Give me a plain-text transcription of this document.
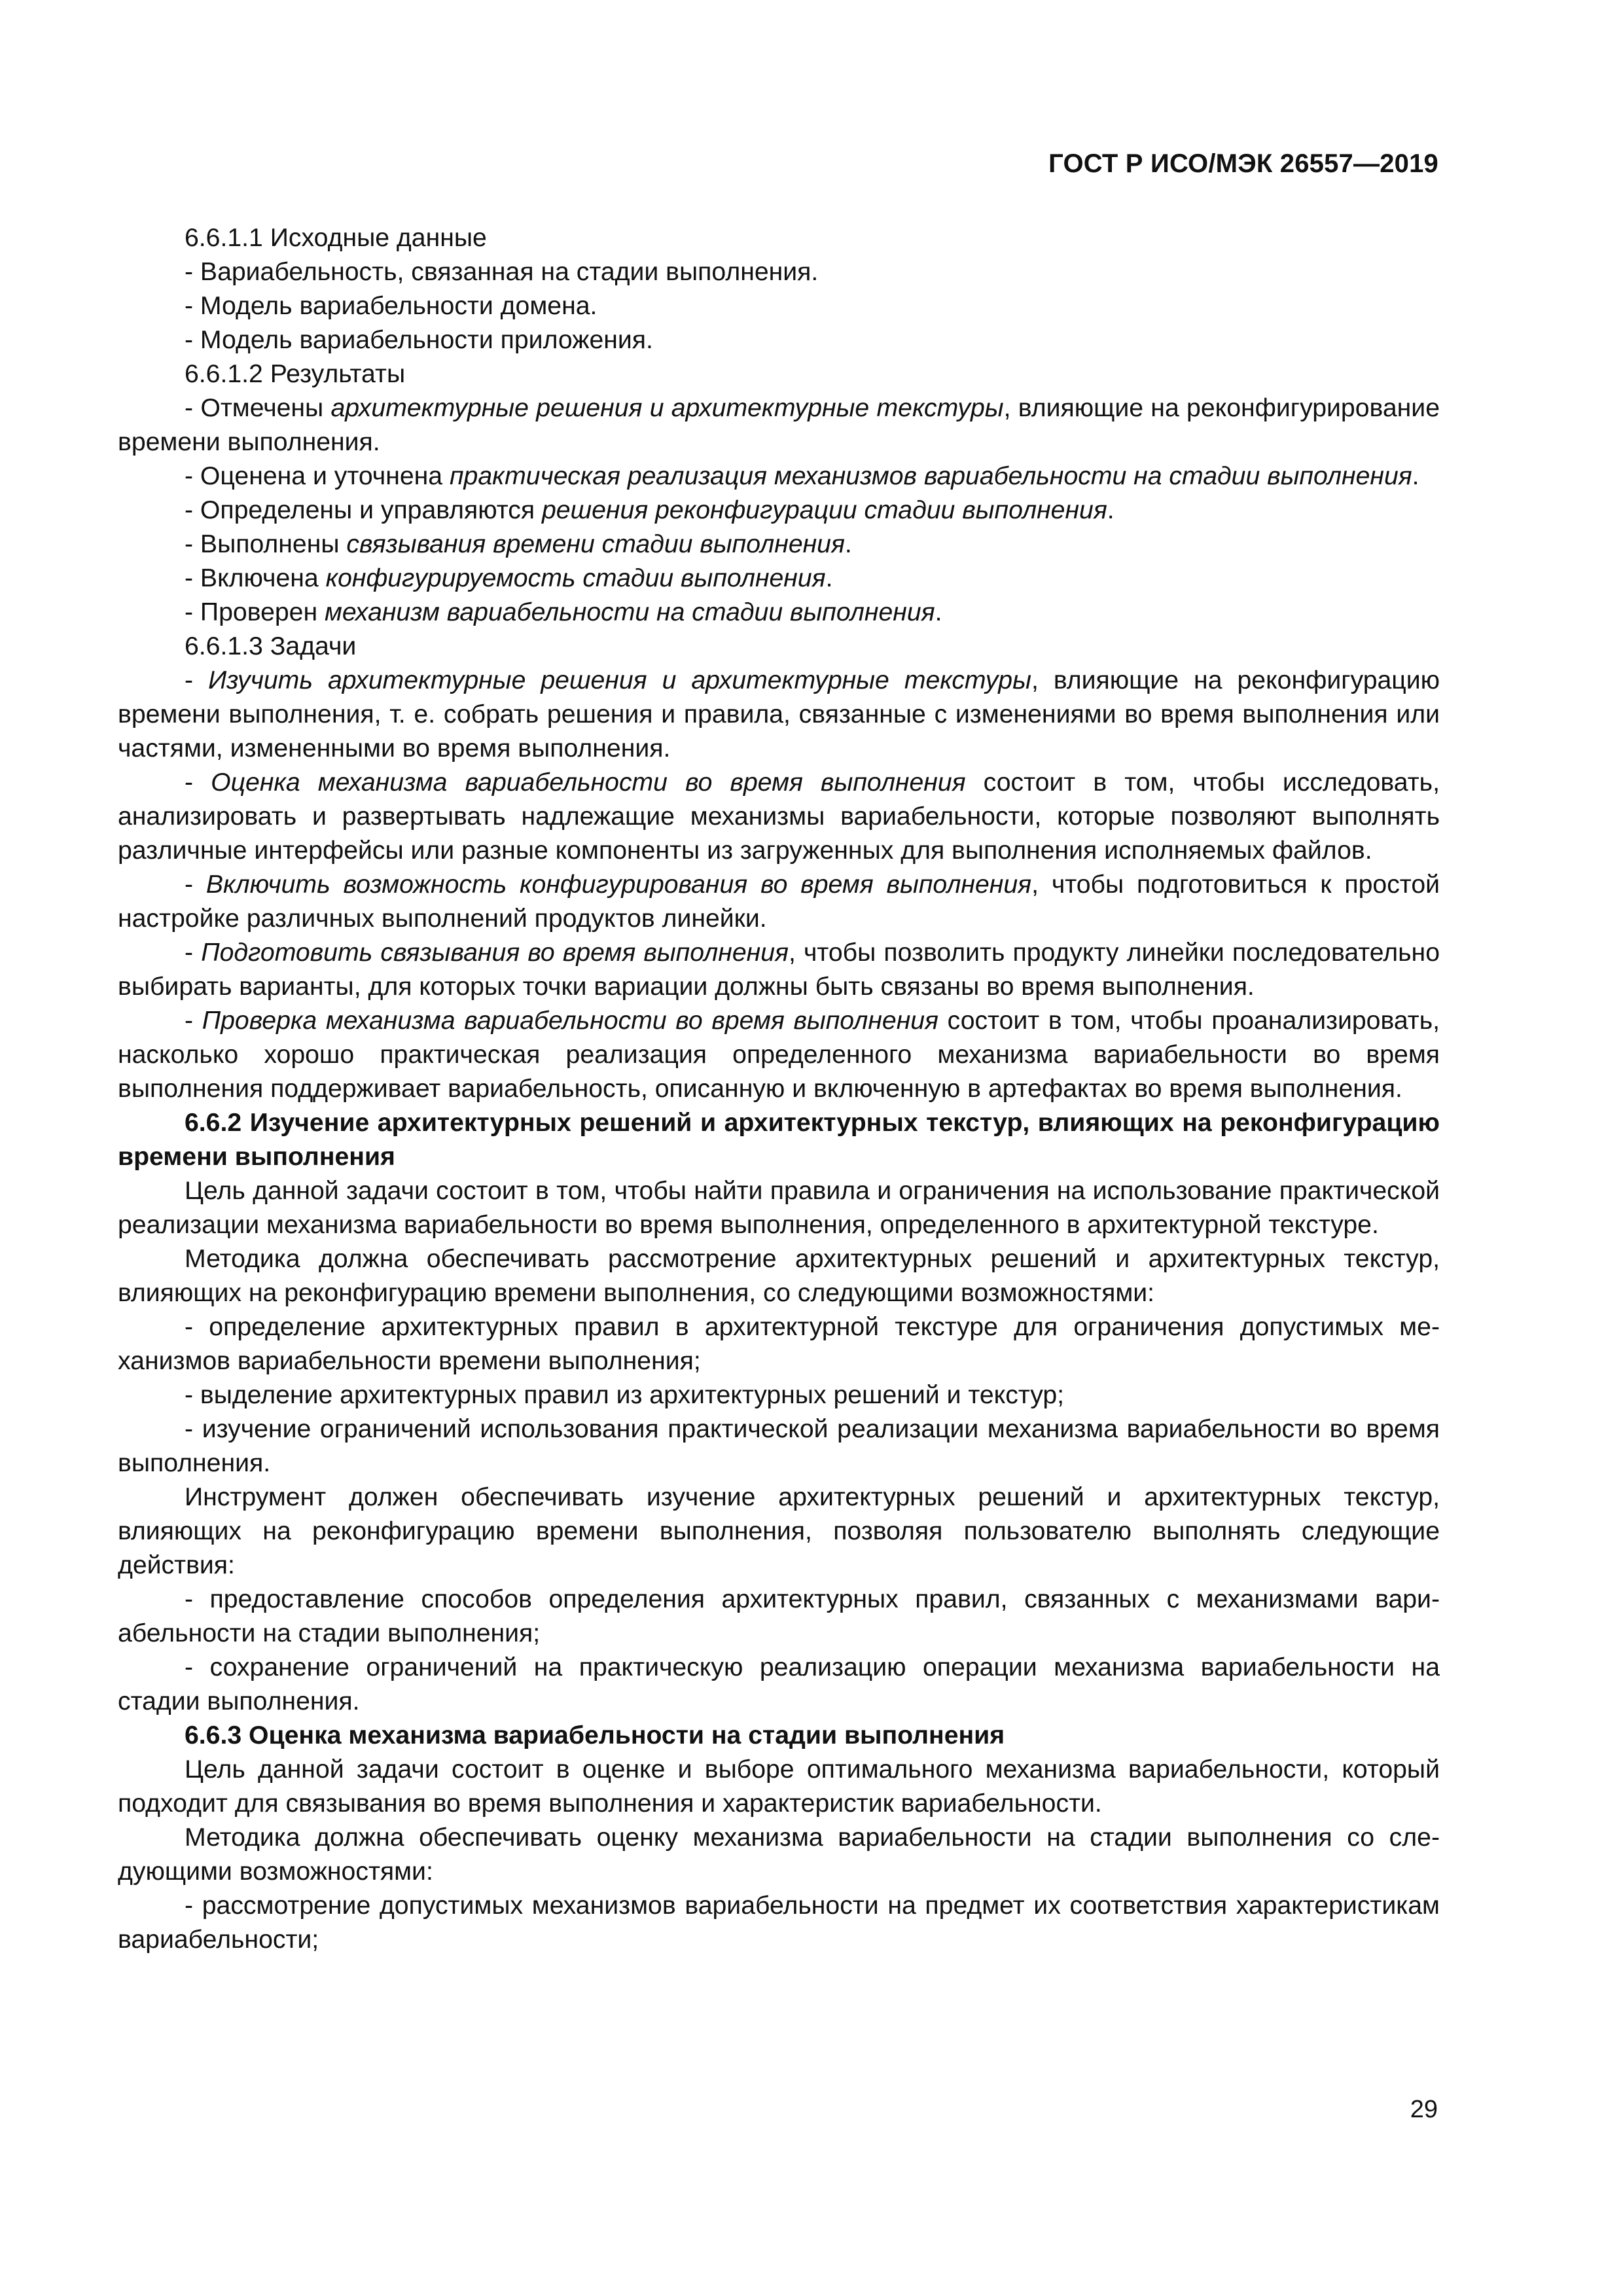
ГОСТ Р ИСО/МЭК 26557—2019

6.6.1.1 Исходные данные

- Вариабельность, связанная на стадии выполнения.

- Модель вариабельности домена.

- Модель вариабельности приложения.

6.6.1.2 Результаты

- Отмечены архитектурные решения и архитектурные текстуры, влияющие на реконфигурирование времени выполнения.

- Оценена и уточнена практическая реализация механизмов вариабельности на стадии выполнения.

- Определены и управляются решения реконфигурации стадии выполнения.

- Выполнены связывания времени стадии выполнения.

- Включена конфигурируемость стадии выполнения.

- Проверен механизм вариабельности на стадии выполнения.

6.6.1.3 Задачи

- Изучить архитектурные решения и архитектурные текстуры, влияющие на реконфигурацию времени выполнения, т. е. собрать решения и правила, связанные с изменениями во время выполнения или частями, измененными во время выполнения.

- Оценка механизма вариабельности во время выполнения состоит в том, чтобы исследовать, анализировать и развертывать надлежащие механизмы вариабельности, которые позволяют выполнять различные интерфейсы или разные компоненты из загруженных для выполнения исполняемых файлов.

- Включить возможность конфигурирования во время выполнения, чтобы подготовиться к простой настройке различных выполнений продуктов линейки.

- Подготовить связывания во время выполнения, чтобы позволить продукту линейки последовательно выбирать варианты, для которых точки вариации должны быть связаны во время выполнения.

- Проверка механизма вариабельности во время выполнения состоит в том, чтобы проанализировать, насколько хорошо практическая реализация определенного механизма вариабельности во время выполнения поддерживает вариабельность, описанную и включенную в артефактах во время выполнения.

6.6.2 Изучение архитектурных решений и архитектурных текстур, влияющих на реконфигурацию времени выполнения

Цель данной задачи состоит в том, чтобы найти правила и ограничения на использование практической реализации механизма вариабельности во время выполнения, определенного в архитектурной текстуре.

Методика должна обеспечивать рассмотрение архитектурных решений и архитектурных текстур, влияющих на реконфигурацию времени выполнения, со следующими возможностями:

- определение архитектурных правил в архитектурной текстуре для ограничения допустимых механизмов вариабельности времени выполнения;

- выделение архитектурных правил из архитектурных решений и текстур;

- изучение ограничений использования практической реализации механизма вариабельности во время выполнения.

Инструмент должен обеспечивать изучение архитектурных решений и архитектурных текстур, влияющих на реконфигурацию времени выполнения, позволяя пользователю выполнять следующие действия:

- предоставление способов определения архитектурных правил, связанных с механизмами вариабельности на стадии выполнения;

- сохранение ограничений на практическую реализацию операции механизма вариабельности на стадии выполнения.

6.6.3 Оценка механизма вариабельности на стадии выполнения

Цель данной задачи состоит в оценке и выборе оптимального механизма вариабельности, который подходит для связывания во время выполнения и характеристик вариабельности.

Методика должна обеспечивать оценку механизма вариабельности на стадии выполнения со следующими возможностями:

- рассмотрение допустимых механизмов вариабельности на предмет их соответствия характеристикам вариабельности;

29
